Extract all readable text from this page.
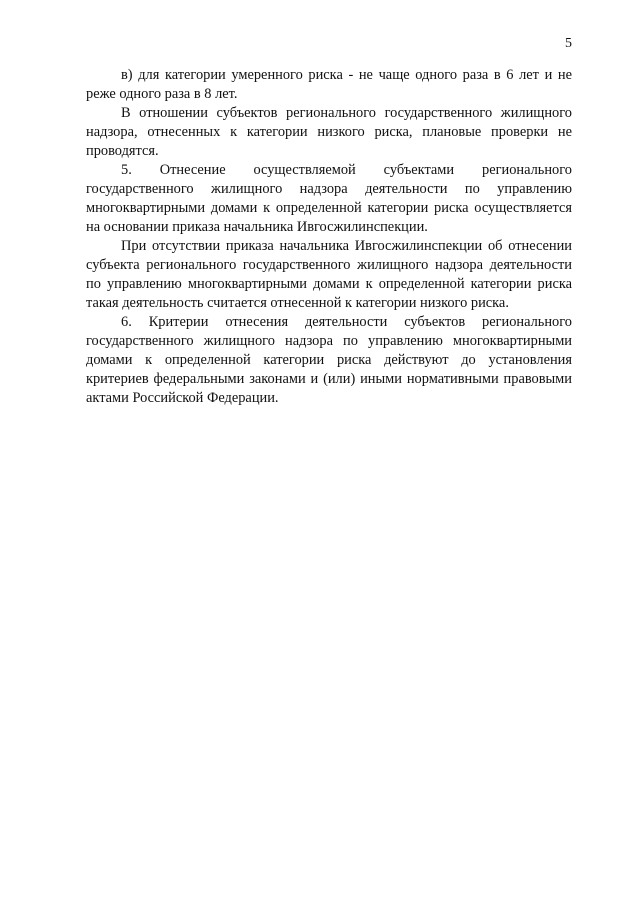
5

в) для категории умеренного риска - не чаще одного раза в 6 лет и не реже одного раза в 8 лет.

В отношении субъектов регионального государственного жилищного надзора, отнесенных к категории низкого риска, плановые проверки не проводятся.

5. Отнесение осуществляемой субъектами регионального государственного жилищного надзора деятельности по управлению многоквартирными домами к определенной категории риска осуществляется на основании приказа начальника Ивгосжилинспекции.

При отсутствии приказа начальника Ивгосжилинспекции об отнесении субъекта регионального государственного жилищного надзора деятельности по управлению многоквартирными домами к определенной категории риска такая деятельность считается отнесенной к категории низкого риска.

6. Критерии отнесения деятельности субъектов регионального государственного жилищного надзора по управлению многоквартирными домами к определенной категории риска действуют до установления критериев федеральными законами и (или) иными нормативными правовыми актами Российской Федерации.
